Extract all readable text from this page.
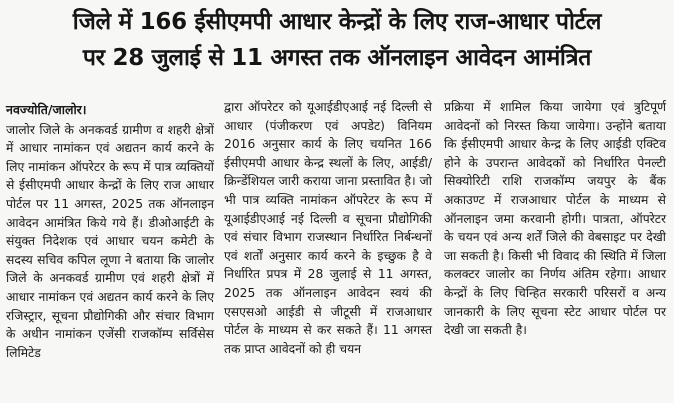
जिले में 166 ईसीएमपी आधार केन्द्रों के लिए राज-आधार पोर्टल
पर 28 जुलाई से 11 अगस्त तक ऑनलाइन आवेदन आमंत्रित
नवज्योति/जालोर।

जालोर जिले के अनकवर्ड ग्रामीण व शहरी क्षेत्रों में आधार नामांकन एवं अद्यतन कार्य करने के लिए नामांकन ऑपरेटर के रूप में पात्र व्यक्तियों से ईसीएमपी आधार केन्द्रों के लिए राज आधार पोर्टल पर 11 अगस्त, 2025 तक ऑनलाइन आवेदन आमंत्रित किये गये हैं। डीओआईटी के संयुक्त निदेशक एवं आधार चयन कमेटी के सदस्य सचिव कपिल लूणा ने बताया कि जालोर जिले के अनकवर्ड ग्रामीण एवं शहरी क्षेत्रों में आधार नामांकन एवं अद्यतन कार्य करने के लिए रजिस्ट्रार, सूचना प्रौद्योगिकी और संचार विभाग के अधीन नामांकन एजेंसी राजकॉम्प सर्विसेस लिमिटेड

द्वारा ऑपरेटर को यूआईडीएआई नई दिल्ली से आधार (पंजीकरण एवं अपडेट) विनियम 2016 अनुसार कार्य के लिए चयनित 166 ईसीएमपी आधार केन्द्र स्थलों के लिए, आईडी/क्रिन्डेंशियल जारी कराया जाना प्रस्तावित है। जो भी पात्र व्यक्ति नामांकन ऑपरेटर के रूप में यूआईडीएआई नई दिल्ली व सूचना प्रौद्योगिकी एवं संचार विभाग राजस्थान निर्धारित निर्बन्धनों एवं शर्तों अनुसार कार्य करने के इच्छुक है वे निर्धारित प्रपत्र में 28 जुलाई से 11 अगस्त, 2025 तक ऑनलाइन आवेदन स्वयं की एसएसओ आईडी से जीटूसी में राजआधार पोर्टल के माध्यम से कर सकते हैं। 11 अगस्त तक प्राप्त आवेदनों को ही चयन

प्रक्रिया में शामिल किया जायेगा एवं त्रुटिपूर्ण आवेदनों को निरस्त किया जायेगा। उन्होंने बताया कि ईसीएमपी आधार केन्द्र के लिए आईडी एक्टिव होने के उपरान्त आवेदकों को निर्धारित पेनल्टी सिक्योरिटी राशि राजकॉम्प जयपुर के बैंक अकाउण्ट में राजआधार पोर्टल के माध्यम से ऑनलाइन जमा करवानी होगी। पात्रता, ऑपरेटर के चयन एवं अन्य शर्तें जिले की वेबसाइट पर देखी जा सकती है। किसी भी विवाद की स्थिति में जिला कलक्टर जालोर का निर्णय अंतिम रहेगा। आधार केन्द्रों के लिए चिन्हित सरकारी परिसरों व अन्य जानकारी के लिए सूचना स्टेट आधार पोर्टल पर देखी जा सकती है।
